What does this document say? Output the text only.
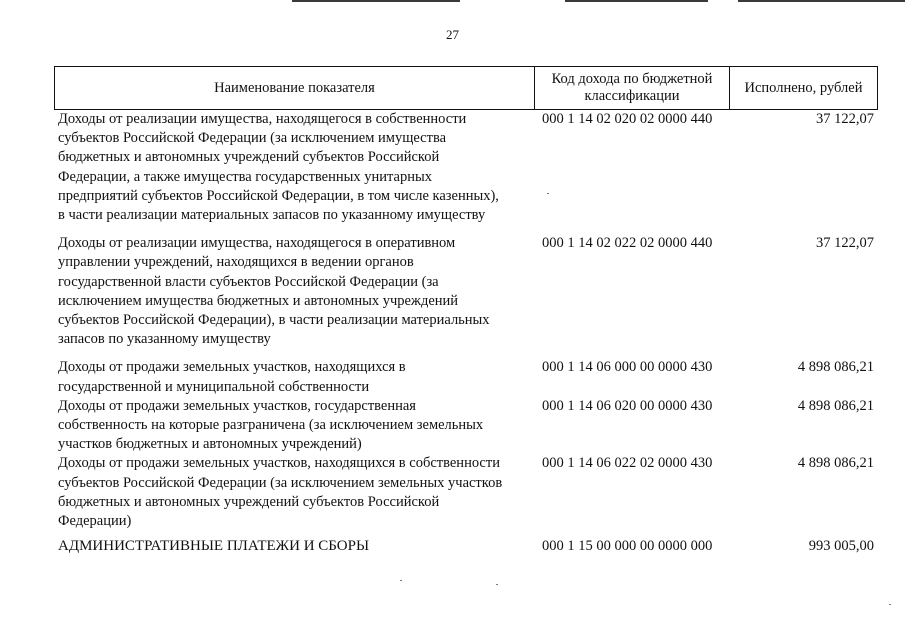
27
Наименование показателя	Код дохода по бюджетной классификации	Исполнено, рублей
Доходы от реализации имущества, находящегося в собственности
субъектов Российской Федерации (за исключением имущества
бюджетных и автономных учреждений субъектов Российской
Федерации, а также имущества государственных унитарных
предприятий субъектов Российской Федерации, в том числе казенных),
в части реализации материальных запасов по указанному имуществу
000 1 14 02 020 02 0000 440	37 122,07
Доходы от реализации имущества, находящегося в оперативном
управлении учреждений, находящихся в ведении органов
государственной власти субъектов Российской Федерации (за
исключением имущества бюджетных и автономных учреждений
субъектов Российской Федерации), в части реализации материальных
запасов по указанному имуществу
000 1 14 02 022 02 0000 440	37 122,07
Доходы от продажи земельных участков, находящихся в
государственной и муниципальной собственности
000 1 14 06 000 00 0000 430	4 898 086,21
Доходы от продажи земельных участков, государственная
собственность на которые разграничена (за исключением земельных
участков бюджетных и автономных учреждений)
000 1 14 06 020 00 0000 430	4 898 086,21
Доходы от продажи земельных участков, находящихся в собственности
субъектов Российской Федерации (за исключением земельных участков
бюджетных и автономных учреждений субъектов Российской
Федерации)
000 1 14 06 022 02 0000 430	4 898 086,21
АДМИНИСТРАТИВНЫЕ ПЛАТЕЖИ И СБОРЫ	000 1 15 00 000 00 0000 000	993 005,00
